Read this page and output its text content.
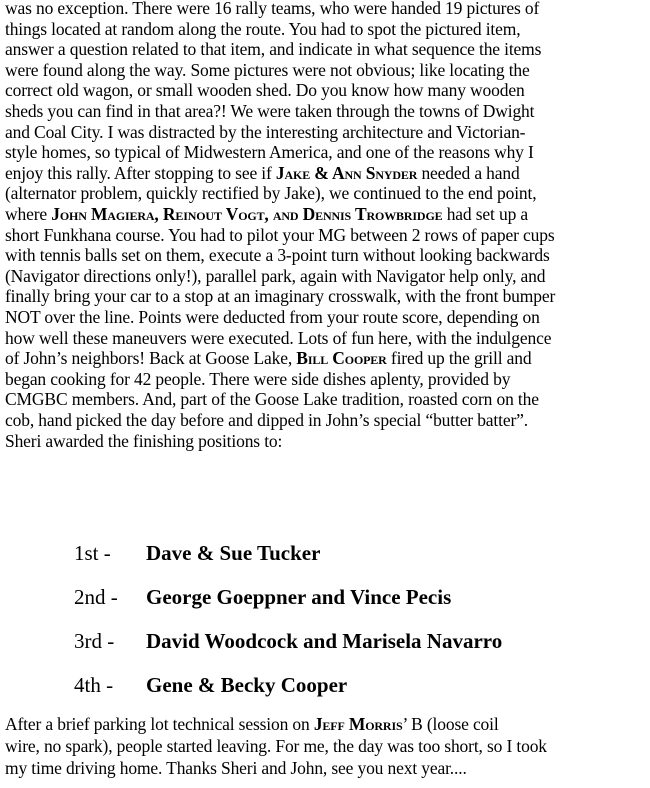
was no exception. There were 16 rally teams, who were handed 19 pictures of
things located at random along the route. You had to spot the pictured item,
answer a question related to that item, and indicate in what sequence the items
were found along the way. Some pictures were not obvious; like locating the
correct old wagon, or small wooden shed. Do you know how many wooden
sheds you can find in that area?! We were taken through the towns of Dwight
and Coal City. I was distracted by the interesting architecture and Victorian-
style homes, so typical of Midwestern America, and one of the reasons why I
enjoy this rally. After stopping to see if Jake & Ann Snyder needed a hand
(alternator problem, quickly rectified by Jake), we continued to the end point,
where John Magiera, Reinout Vogt, and Dennis Trowbridge had set up a
short Funkhana course. You had to pilot your MG between 2 rows of paper cups
with tennis balls set on them, execute a 3-point turn without looking backwards
(Navigator directions only!), parallel park, again with Navigator help only, and
finally bring your car to a stop at an imaginary crosswalk, with the front bumper
NOT over the line. Points were deducted from your route score, depending on
how well these maneuvers were executed. Lots of fun here, with the indulgence
of John’s neighbors! Back at Goose Lake, Bill Cooper fired up the grill and
began cooking for 42 people. There were side dishes aplenty, provided by
CMGBC members. And, part of the Goose Lake tradition, roasted corn on the
cob, hand picked the day before and dipped in John’s special “butter batter”.
Sheri awarded the finishing positions to:
1st - Dave & Sue Tucker
2nd - George Goeppner and Vince Pecis
3rd - David Woodcock and Marisela Navarro
4th - Gene & Becky Cooper
After a brief parking lot technical session on Jeff Morris’ B (loose coil
wire, no spark), people started leaving. For me, the day was too short, so I took
my time driving home. Thanks Sheri and John, see you next year....
